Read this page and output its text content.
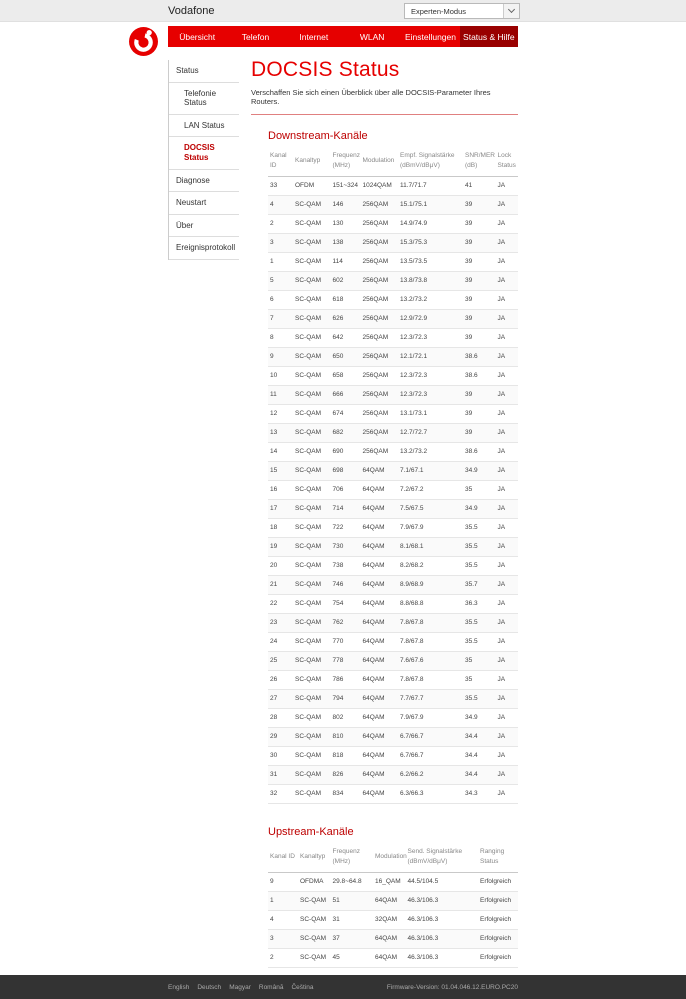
Vodafone	Experten-Modus
Übersicht	Telefon	Internet	WLAN	Einstellungen Status & Hilfe
Status
Telefonie Status
LAN Status
DOCSIS Status
Diagnose
Neustart
Über
Ereignisprotokoll
DOCSIS Status
Verschaffen Sie sich einen Überblick über alle DOCSIS-Parameter Ihres Routers.
Downstream-Kanäle
Kanal ID	Kanaltyp	Frequenz (MHz)	Modulation	Empf. Signalstärke (dBmV/dBμV)	SNR/MER (dB)	Lock Status
33	OFDM	151~324	1024QAM	11.7/71.7	41	JA
4	SC-QAM	146	256QAM	15.1/75.1	39	JA
2	SC-QAM	130	256QAM	14.9/74.9	39	JA
3	SC-QAM	138	256QAM	15.3/75.3	39	JA
1	SC-QAM	114	256QAM	13.5/73.5	39	JA
5	SC-QAM	602	256QAM	13.8/73.8	39	JA
6	SC-QAM	618	256QAM	13.2/73.2	39	JA
7	SC-QAM	626	256QAM	12.9/72.9	39	JA
8	SC-QAM	642	256QAM	12.3/72.3	39	JA
9	SC-QAM	650	256QAM	12.1/72.1	38.6	JA
10	SC-QAM	658	256QAM	12.3/72.3	38.6	JA
11	SC-QAM	666	256QAM	12.3/72.3	39	JA
12	SC-QAM	674	256QAM	13.1/73.1	39	JA
13	SC-QAM	682	256QAM	12.7/72.7	39	JA
14	SC-QAM	690	256QAM	13.2/73.2	38.6	JA
15	SC-QAM	698	64QAM	7.1/67.1	34.9	JA
16	SC-QAM	706	64QAM	7.2/67.2	35	JA
17	SC-QAM	714	64QAM	7.5/67.5	34.9	JA
18	SC-QAM	722	64QAM	7.9/67.9	35.5	JA
19	SC-QAM	730	64QAM	8.1/68.1	35.5	JA
20	SC-QAM	738	64QAM	8.2/68.2	35.5	JA
21	SC-QAM	746	64QAM	8.9/68.9	35.7	JA
22	SC-QAM	754	64QAM	8.8/68.8	36.3	JA
23	SC-QAM	762	64QAM	7.8/67.8	35.5	JA
24	SC-QAM	770	64QAM	7.8/67.8	35.5	JA
25	SC-QAM	778	64QAM	7.6/67.6	35	JA
26	SC-QAM	786	64QAM	7.8/67.8	35	JA
27	SC-QAM	794	64QAM	7.7/67.7	35.5	JA
28	SC-QAM	802	64QAM	7.9/67.9	34.9	JA
29	SC-QAM	810	64QAM	6.7/66.7	34.4	JA
30	SC-QAM	818	64QAM	6.7/66.7	34.4	JA
31	SC-QAM	826	64QAM	6.2/66.2	34.4	JA
32	SC-QAM	834	64QAM	6.3/66.3	34.3	JA
Upstream-Kanäle
Kanal ID	Kanaltyp	Frequenz (MHz)	Modulation	Send. Signalstärke (dBmV/dBμV)	Ranging Status
9	OFDMA	29.8~64.8	16_QAM	44.5/104.5	Erfolgreich
1	SC-QAM	51	64QAM	46.3/106.3	Erfolgreich
4	SC-QAM	31	32QAM	46.3/106.3	Erfolgreich
3	SC-QAM	37	64QAM	46.3/106.3	Erfolgreich
2	SC-QAM	45	64QAM	46.3/106.3	Erfolgreich
English Deutsch Magyar Română Čeština	Firmware-Version: 01.04.046.12.EURO.PC20
